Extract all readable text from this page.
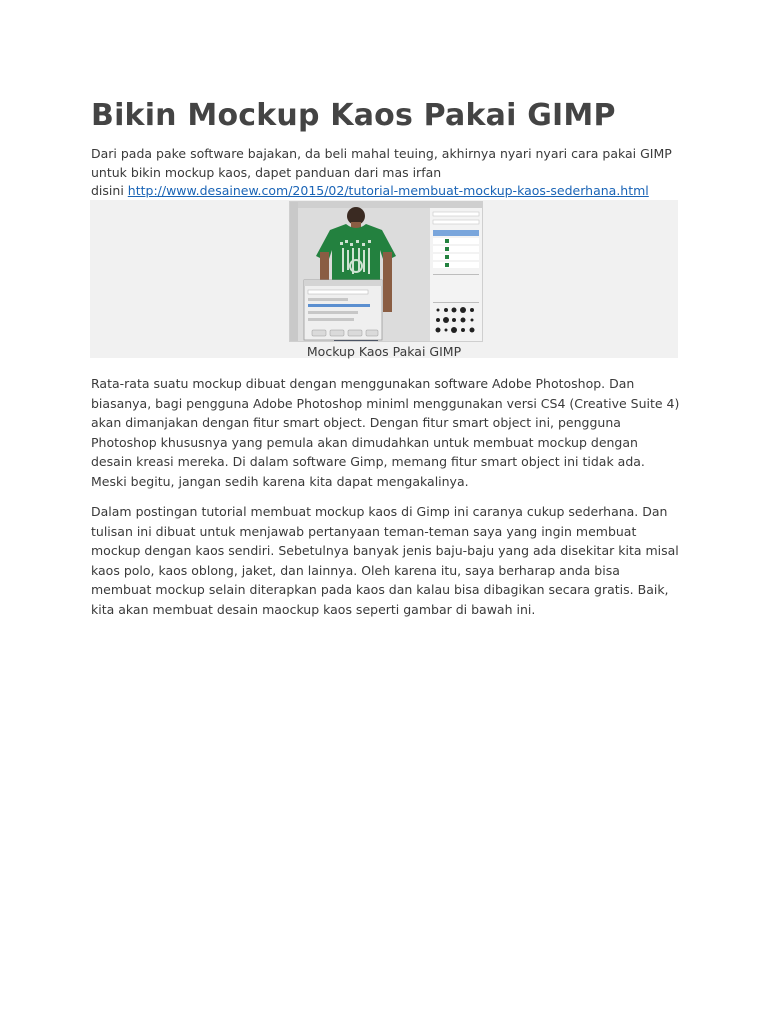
Bikin Mockup Kaos Pakai GIMP
Dari pada pake software bajakan, da beli mahal teuing, akhirnya nyari nyari cara pakai GIMP
untuk bikin mockup kaos, dapet panduan dari mas irfan
disini http://www.desainew.com/2015/02/tutorial-membuat-mockup-kaos-sederhana.html
Mockup Kaos Pakai GIMP

Rata-rata suatu mockup dibuat dengan menggunakan software Adobe Photoshop. Dan biasanya, bagi pengguna Adobe Photoshop miniml menggunakan versi CS4 (Creative Suite 4) akan dimanjakan dengan fitur smart object. Dengan fitur smart object ini, pengguna Photoshop khususnya yang pemula akan dimudahkan untuk membuat mockup dengan desain kreasi mereka. Di dalam software Gimp, memang fitur smart object ini tidak ada. Meski begitu, jangan sedih karena kita dapat mengakalinya.

Dalam postingan tutorial membuat mockup kaos di Gimp ini caranya cukup sederhana. Dan tulisan ini dibuat untuk menjawab pertanyaan teman-teman saya yang ingin membuat mockup dengan kaos sendiri. Sebetulnya banyak jenis baju-baju yang ada disekitar kita misal kaos polo, kaos oblong, jaket, dan lainnya. Oleh karena itu, saya berharap anda bisa membuat mockup selain diterapkan pada kaos dan kalau bisa dibagikan secara gratis. Baik, kita akan membuat desain maockup kaos seperti gambar di bawah ini.
